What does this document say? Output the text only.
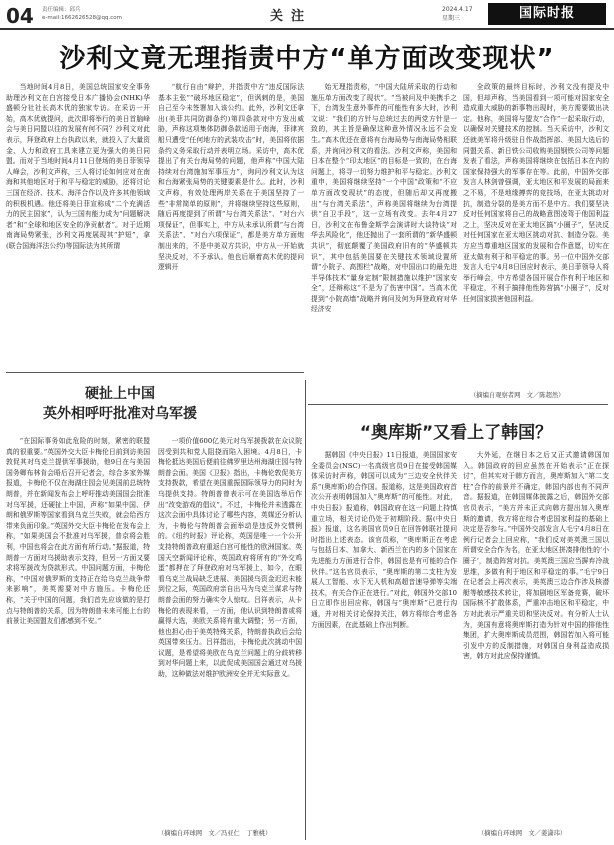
04 责任编辑：邱兵
e-mail:1662626528@qq.com	关注	2024.4.17
星期三	国际时报
沙利文竟无理指责中方“单方面改变现状”

当地时间4月8日，美国总统国家安全事务助理沙利文在白宫接受日本广播协会(NHK)华盛顿分社社长高木优的独家专访。在采访一开始，高木优就提问，此次即将举行的美日首脑峰会与美日同盟以往的发展有何不同？沙利文对此表示，拜登政府上台执政以来，就投入了大量资金、人力和政府工具来建立更为强大的美日同盟。而对于当地时间4月11日登场的美日菲领导人峰会，沙利文声称，三人将讨论如何应对在南海和其他地区对于和平与稳定的威胁，还将讨论三国在经济、技术、海洋合作以及许多其他领域的积极机遇。他还将美日菲宣称成“二个充满活力的民主国家”，认为三国有能力成为“问题解决者”和“全球和地区安全的净贡献者”。对于近期南海局势紧张，沙利文再度展现其“护短”，拿(联合国海洋法公约)等国际法为其所谓

“航行自由”辩护，并指责中方“违反国际法基本主张”“破坏地区稳定”，但讽刺的是，美国自己至今未签署加入该公约。此外，沙利文还拿出(美菲共同防御条约)第四条款对中方发出威胁，声称这项集体防御条款适用于南海，菲律宾船只遭受“任何地方的武装攻击”时，美国将依据条约义务采取行动并表明立场。采访中，高木优提出了有关台海局势的问题，他声称“中国大陆持续对台湾施加军事压力”，询问沙利文认为这和台海紧张局势的关键要素是什么。此时，沙利文声称，有效处理两岸关系在于美国坚持了一些“非常简单的原则”，并将继续坚持这些原则，随后再度提到了所谓“与台湾关系法”、“对台六项保证”，但事实上，中方从未承认所谓“与台湾关系法”、“对台六项保证”，都是美方单方面炮制出来的，不是中美双方共识，中方从一开始就坚决反对，不予承认。他也后顺着高木优的提问逻辑开

始无理指责称，“中国大陆所采取的行动和施压单方面改变了现状”。“当被问及中美携手之下，台湾发生意外事件的可能性有多大时，沙利文说：“我们的方针与总统过去的两党方针是一致的，其主旨是确保这种意外情况永远不会发生。”高木优还在意将有台海局势与南海局势相联系，并询问沙利文的看法。沙利文声称，美国和日本在整个“印太地区”的目标是一致的，在台海问题上，将寻一切努力维护和平与稳定。沙利文重申，美国将继续坚持“一个中国”政策和“不应单方面改变现状”的态度，但随后却又再度搬出“与台湾关系法”，声称美国将继续为台湾提供“自卫手段”，这一立场有改变。去年4月27日，沙利文在布鲁金斯学会演讲时大谈特谈“对华去风险化”，他还抛出了一套所谓的“新华盛顿共识”，彻底颠覆了美国政府旧有的“华盛顿共识”，其中包括美国要在关键技术领域设置所谓“小院子、高围栏”战略，对中国出口的最先进半导体技术“量身定制”限制措施以维护“国家安全”，还辩称这“不是为了伤害中国”。当高木优提到“小院高墙”战略并询问及何为拜登政府对华经济安

全政策的最终目标时，沙利文没有提及中国，但却声称，当美国看到一项可能对国家安全造成重大威胁的新事物出现时，美方需要做出决定。他称，美国将与盟友“合作”一起采取行动，以确保对关键技术的控制。当天采访中，沙利文还就美军将升级驻日作战指挥部、美国大选后的同盟关系、新日铁公司收购美国钢铁公司等问题发表了看法，声称美国将继续在包括日本在内的国家保持强大的军事存在等。此前，中国外交部发言人林剑曾强调，亚太地区和平发展的局面来之不易，不是地缘搏弈的竞技场，在亚太挑动对抗，制造分裂的是美方而不是中方。我们要坚决反对任何国家将自己的战略意图凌驾于他国利益之上，坚决反对在亚太地区搞“小圈子”，坚决反对任何国家在亚太地区挑动对抗、制造分裂。美方应当尊重地区国家的发展和合作意愿，切实在亚太做有利于和平稳定的事。另一位中国外交部发言人毛宁4月8日回应时表示，美日菲领导人将举行峰会，中方希望各国开展合作有利于地区和平稳定，不利于搞排他性阵营搞“小圈子”，反对任何国家损害他国利益。

（摘编自观察者网　文／陈超然）
硬扯上中国
英外相呼吁批准对乌军援

“在国际事务如此危险的时刻，紧密的联盟真的很重要。”英国外交大臣卡梅伦日前到访美国敦促其对乌克兰提供军事援助，他9日在与美国国务卿布林肯会晤后召开记者会，综合多家外媒报道，卡梅伦不仅在海湖庄园会见美国前总统特朗普，并在新闻发布会上呼吁推动美国国会批准对乌军援，还硬扯上中国，声称“如果中国、伊朗和俄罗斯等国家看到乌克兰失败，就会给西方带来负面印象。”英国外交大臣卡梅伦在发布会上称，“如果美国会不批准对乌军援，普京将会胜利，中国也将会在此方面有所行动。”据报道，特朗普一方面对乌援助表示支持，但另一方面又要求将军援改为贷款形式。中国问题方面，卡梅伦称，“中国对俄罗斯的支持正在给乌克兰战争带来影响”，美英需要对中方施压。卡梅伦还称，“关于中国的问题，我们首先应该做的是打点与特朗普的关系，因为特朗普未来可能上台的前景让美国盟友们都感到不安。”

一项价值600亿美元对乌军援拨款在众议院因受到共和党人阻挠而陷入困境。4月8日，卡梅伦抵达美国后便前往佛罗里达州海湖庄园与特朗普会面。美国《卫报》指出，卡梅伦敦促美方支持拨款，希望在美国重振国际领导力的同时为乌提供支持。特朗普曾表示可在美国选举后作出“改变游戏的倡议”。不过，卡梅伦并未透露在这次会面中具体讨论了哪些内容，英媒还分析认为，卡梅伦与特朗普会面举动是违反外交惯例的。《纽约时报》评论称，英国是唯一一个公开支持特朗普政府重返白宫可能性的欧洲国家。英国天空新闻评论称，英国政府将所有的“外交鸡蛋”都押在了拜登政府对乌军援上，如今，在眼看乌克兰战局缺乏进展、美国援乌资金迟迟未能到位之际，英国政府亲自出马为乌克兰谋求与特朗普会面的努力确实令人惊叹。吕祥表示，从卡梅伦的表现来看，一方面，他认识到特朗普或将赢得大选，美欧关系将有重大调整；另一方面，他也担心由于美英特殊关系，特朗普执政后会给英国带来压力。吕祥指出，卡梅伦此次挑动中国议题，是希望将美欧在乌克兰问题上的分歧转移到对华问题上来，以此促成美国国会通过对乌援助，这种做法对维护欧洲安全并无实际意义。

（摘编自环球网　文／冯亚仁　丁雅桃）
“奥库斯”又看上了韩国？

据韩国《中央日报》11日报道，美国国家安全委员会(NSC)一名高级官员9日在接受韩国媒体采访时声称，韩国可以成为“三边安全伙伴关系”(奥库斯)的合作国。报道称，这是美国政府首次公开表明韩国加入“奥库斯”的可能性。对此，中央日报》报道称，韩国政府在这一问题上持慎重立场，相关讨论仍处于初期阶段。据(中央日报》报道，这名美国官员9日在回答韩联社提问时指出上述表态。该官员称，“奥库斯正在考虑与包括日本、加拿大、新西兰在内的多个国家在先进能力方面进行合作，韩国也是有可能的合作伙伴。”这名官员表示，“奥库斯的第二支柱为发展人工智能、水下无人机和高超音速导弹等尖端技术，有关合作正在进行。”对此，韩国外交部10日立即作出回应称，韩国与“奥库斯”已进行沟通，并对相关讨论保持关注，韩方将综合考虑各方面因素，在此基础上作出判断。

大外延，在继日本之后又正式邀请韩国加入。韩国政府的回应虽然在开始表示“正在探讨”，但其实对于韩方而言，奥库斯加入“第二支柱”合作的前景并不确定，韩国内部也有不同声音。据报道，在韩国媒体披露之后，韩国外交部官员表示，“美方并未正式向韩方提出加入奥库斯的邀请，我方将在综合考虑国家利益的基础上决定是否参与。”中国外交部发言人毛宁4月8日在例行记者会上回应称，“我们反对美英澳三国以所谓安全合作为名，在亚太地区拼凑排他性的‘小圈子’，制造阵营对抗。美英澳三国应当摒弃冷战思维，多做有利于地区和平稳定的事。”毛宁9日在记者会上再次表示，美英澳三边合作涉及核潜艇等敏感技术转让，将加剧地区军备竞赛，破坏国际核不扩散体系，严重冲击地区和平稳定，中方对此表示严重关切和坚决反对。有分析人士认为，美国有意将奥库斯打造为针对中国的排他性集团，扩大奥库斯成员范围，韩国若加入将可能引发中方的反制措施，对韩国自身利益造成损害，韩方对此应保持谨慎。

（摘编自环球网　文／姜潇玮）
